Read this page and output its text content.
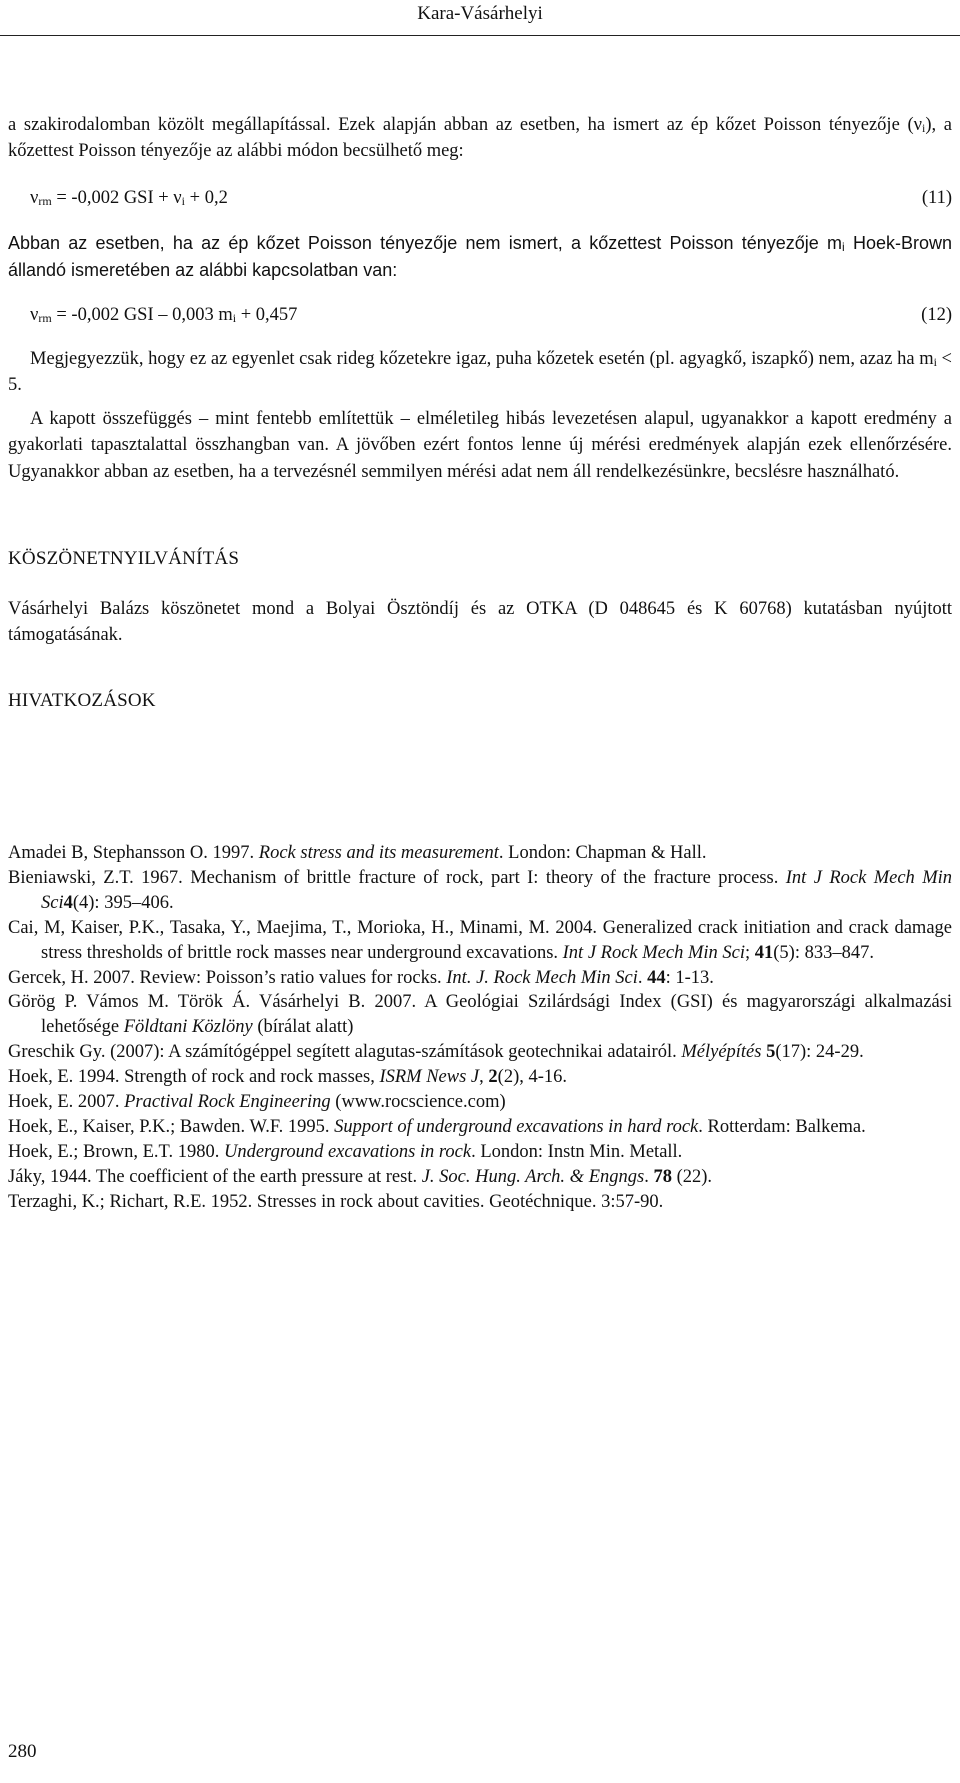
Kara-Vásárhelyi

a szakirodalomban közölt megállapítással. Ezek alapján abban az esetben, ha ismert az ép kőzet Poisson tényezője $(\nu_i)$, a kőzettest Poisson tényezője az alábbi módon becsülhető meg:

$\nu_{rm} = -0,002$ GSI + $\nu_i + 0,2$	(11)

Abban az esetben, ha az ép kőzet Poisson tényezője nem ismert, a kőzettest Poisson tényezője $m_i$ Hoek-Brown állandó ismeretében az alábbi kapcsolatban van:

$\nu_{rm} = -0,002$ GSI – 0,003 $m_i + 0,457$	(12)

Megjegyezzük, hogy ez az egyenlet csak rideg kőzetekre igaz, puha kőzetek esetén (pl. agyagkő, iszapkő) nem, azaz ha $m_i < 5$.

A kapott összefüggés – mint fentebb említettük – elméletileg hibás levezetésen alapul, ugyanakkor a kapott eredmény a gyakorlati tapasztalattal összhangban van. A jövőben ezért fontos lenne új mérési eredmények alapján ezek ellenőrzésére. Ugyanakkor abban az esetben, ha a tervezésnél semmilyen mérési adat nem áll rendelkezésünkre, becslésre használható.

KÖSZÖNETNYILVÁNÍTÁS

Vásárhelyi Balázs köszönetet mond a Bolyai Ösztöndíj és az OTKA (D 048645 és K 60768) kutatásban nyújtott támogatásának.

HIVATKOZÁSOK
Amadei B, Stephansson O. 1997. Rock stress and its measurement. London: Chapman & Hall.
Bieniawski, Z.T. 1967. Mechanism of brittle fracture of rock, part I: theory of the fracture process. Int J Rock Mech Min Sci4(4): 395–406.
Cai, M, Kaiser, P.K., Tasaka, Y., Maejima, T., Morioka, H., Minami, M. 2004. Generalized crack initiation and crack damage stress thresholds of brittle rock masses near underground excavations. Int J Rock Mech Min Sci; 41(5): 833–847.
Gercek, H. 2007. Review: Poisson’s ratio values for rocks. Int. J. Rock Mech Min Sci. 44: 1-13.
Görög P. Vámos M. Török Á. Vásárhelyi B. 2007. A Geológiai Szilárdsági Index (GSI) és magyarországi alkalmazási lehetősége Földtani Közlöny (bírálat alatt)
Greschik Gy. (2007): A számítógéppel segített alagutas-számítások geotechnikai adatairól. Mélyépítés 5(17): 24-29.
Hoek, E. 1994. Strength of rock and rock masses, ISRM News J, 2(2), 4-16.
Hoek, E. 2007. Practival Rock Engineering (www.rocscience.com)
Hoek, E., Kaiser, P.K.; Bawden. W.F. 1995. Support of underground excavations in hard rock. Rotterdam: Balkema.
Hoek, E.; Brown, E.T. 1980. Underground excavations in rock. London: Instn Min. Metall.
Jáky, 1944. The coefficient of the earth pressure at rest. J. Soc. Hung. Arch. & Engngs. 78 (22).
Terzaghi, K.; Richart, R.E. 1952. Stresses in rock about cavities. Geotéchnique. 3:57-90.
280
